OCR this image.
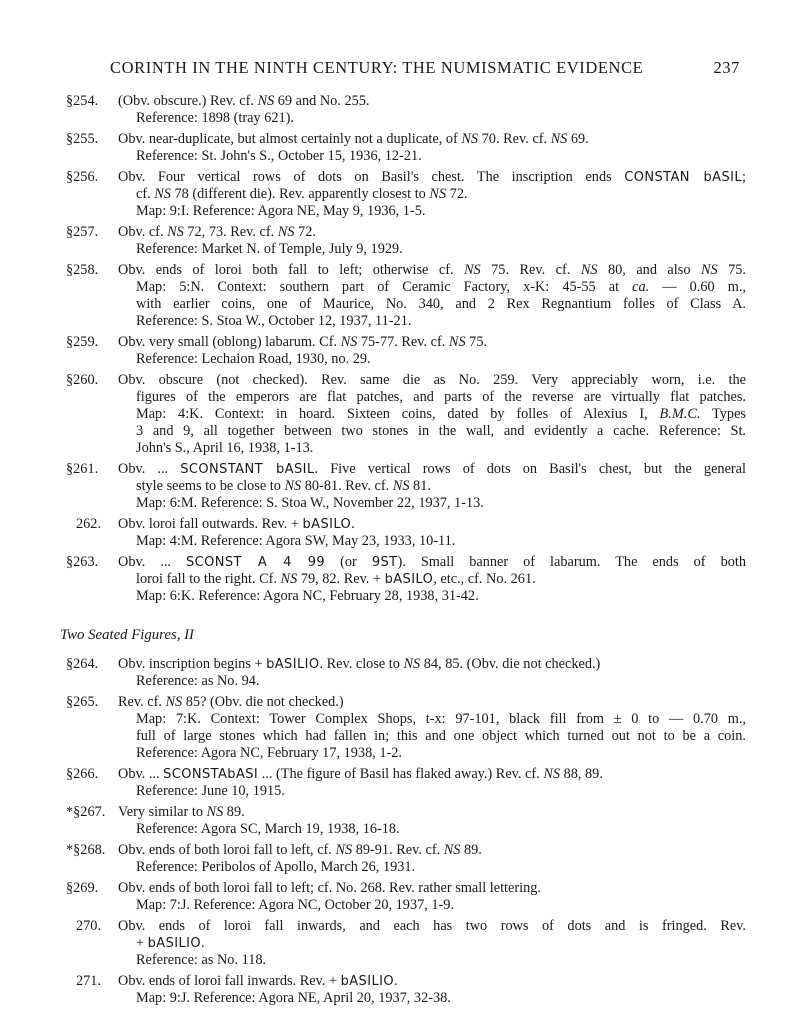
CORINTH IN THE NINTH CENTURY: THE NUMISMATIC EVIDENCE	237
§254.	(Obv. obscure.) Rev. cf. NS 69 and No. 255.
Reference: 1898 (tray 621).
§255.	Obv. near-duplicate, but almost certainly not a duplicate, of NS 70. Rev. cf. NS 69.
Reference: St. John's S., October 15, 1936, 12-21.
§256.	Obv. Four vertical rows of dots on Basil's chest. The inscription ends CONSTAN bASIL;
cf. NS 78 (different die). Rev. apparently closest to NS 72.
Map: 9:I. Reference: Agora NE, May 9, 1936, 1-5.
§257.	Obv. cf. NS 72, 73. Rev. cf. NS 72.
Reference: Market N. of Temple, July 9, 1929.
§258.	Obv. ends of loroi both fall to left; otherwise cf. NS 75. Rev. cf. NS 80, and also NS 75.
Map: 5:N. Context: southern part of Ceramic Factory, x-K: 45-55 at ca. — 0.60 m.,
with earlier coins, one of Maurice, No. 340, and 2 Rex Regnantium folles of Class A.
Reference: S. Stoa W., October 12, 1937, 11-21.
§259.	Obv. very small (oblong) labarum. Cf. NS 75-77. Rev. cf. NS 75.
Reference: Lechaion Road, 1930, no. 29.
§260.	Obv. obscure (not checked). Rev. same die as No. 259. Very appreciably worn, i.e. the
figures of the emperors are flat patches, and parts of the reverse are virtually flat patches.
Map: 4:K. Context: in hoard. Sixteen coins, dated by folles of Alexius I, B.M.C. Types
3 and 9, all together between two stones in the wall, and evidently a cache. Reference: St.
John's S., April 16, 1938, 1-13.
§261.	Obv. ... SCONSTANT bASIL. Five vertical rows of dots on Basil's chest, but the general
style seems to be close to NS 80-81. Rev. cf. NS 81.
Map: 6:M. Reference: S. Stoa W., November 22, 1937, 1-13.
262.	Obv. loroi fall outwards. Rev. + bASILO.
Map: 4:M. Reference: Agora SW, May 23, 1933, 10-11.
§263.	Obv. ... SCONST A 4 99 (or 9ST). Small banner of labarum. The ends of both
loroi fall to the right. Cf. NS 79, 82. Rev. + bASILO, etc., cf. No. 261.
Map: 6:K. Reference: Agora NC, February 28, 1938, 31-42.
Two Seated Figures, II
§264.	Obv. inscription begins + bASILIO. Rev. close to NS 84, 85. (Obv. die not checked.)
Reference: as No. 94.
§265.	Rev. cf. NS 85? (Obv. die not checked.)
Map: 7:K. Context: Tower Complex Shops, t-x: 97-101, black fill from ± 0 to — 0.70 m.,
full of large stones which had fallen in; this and one object which turned out not to be a coin.
Reference: Agora NC, February 17, 1938, 1-2.
§266.	Obv. ... SCONSTAbASI ... (The figure of Basil has flaked away.) Rev. cf. NS 88, 89.
Reference: June 10, 1915.
*§267. Very similar to NS 89.
Reference: Agora SC, March 19, 1938, 16-18.
*§268. Obv. ends of both loroi fall to left, cf. NS 89-91. Rev. cf. NS 89.
Reference: Peribolos of Apollo, March 26, 1931.
§269.	Obv. ends of both loroi fall to left; cf. No. 268. Rev. rather small lettering.
Map: 7:J. Reference: Agora NC, October 20, 1937, 1-9.
270.	Obv. ends of loroi fall inwards, and each has two rows of dots and is fringed. Rev.
+ bASILIO.
Reference: as No. 118.
271.	Obv. ends of loroi fall inwards. Rev. + bASILIO.
Map: 9:J. Reference: Agora NE, April 20, 1937, 32-38.
